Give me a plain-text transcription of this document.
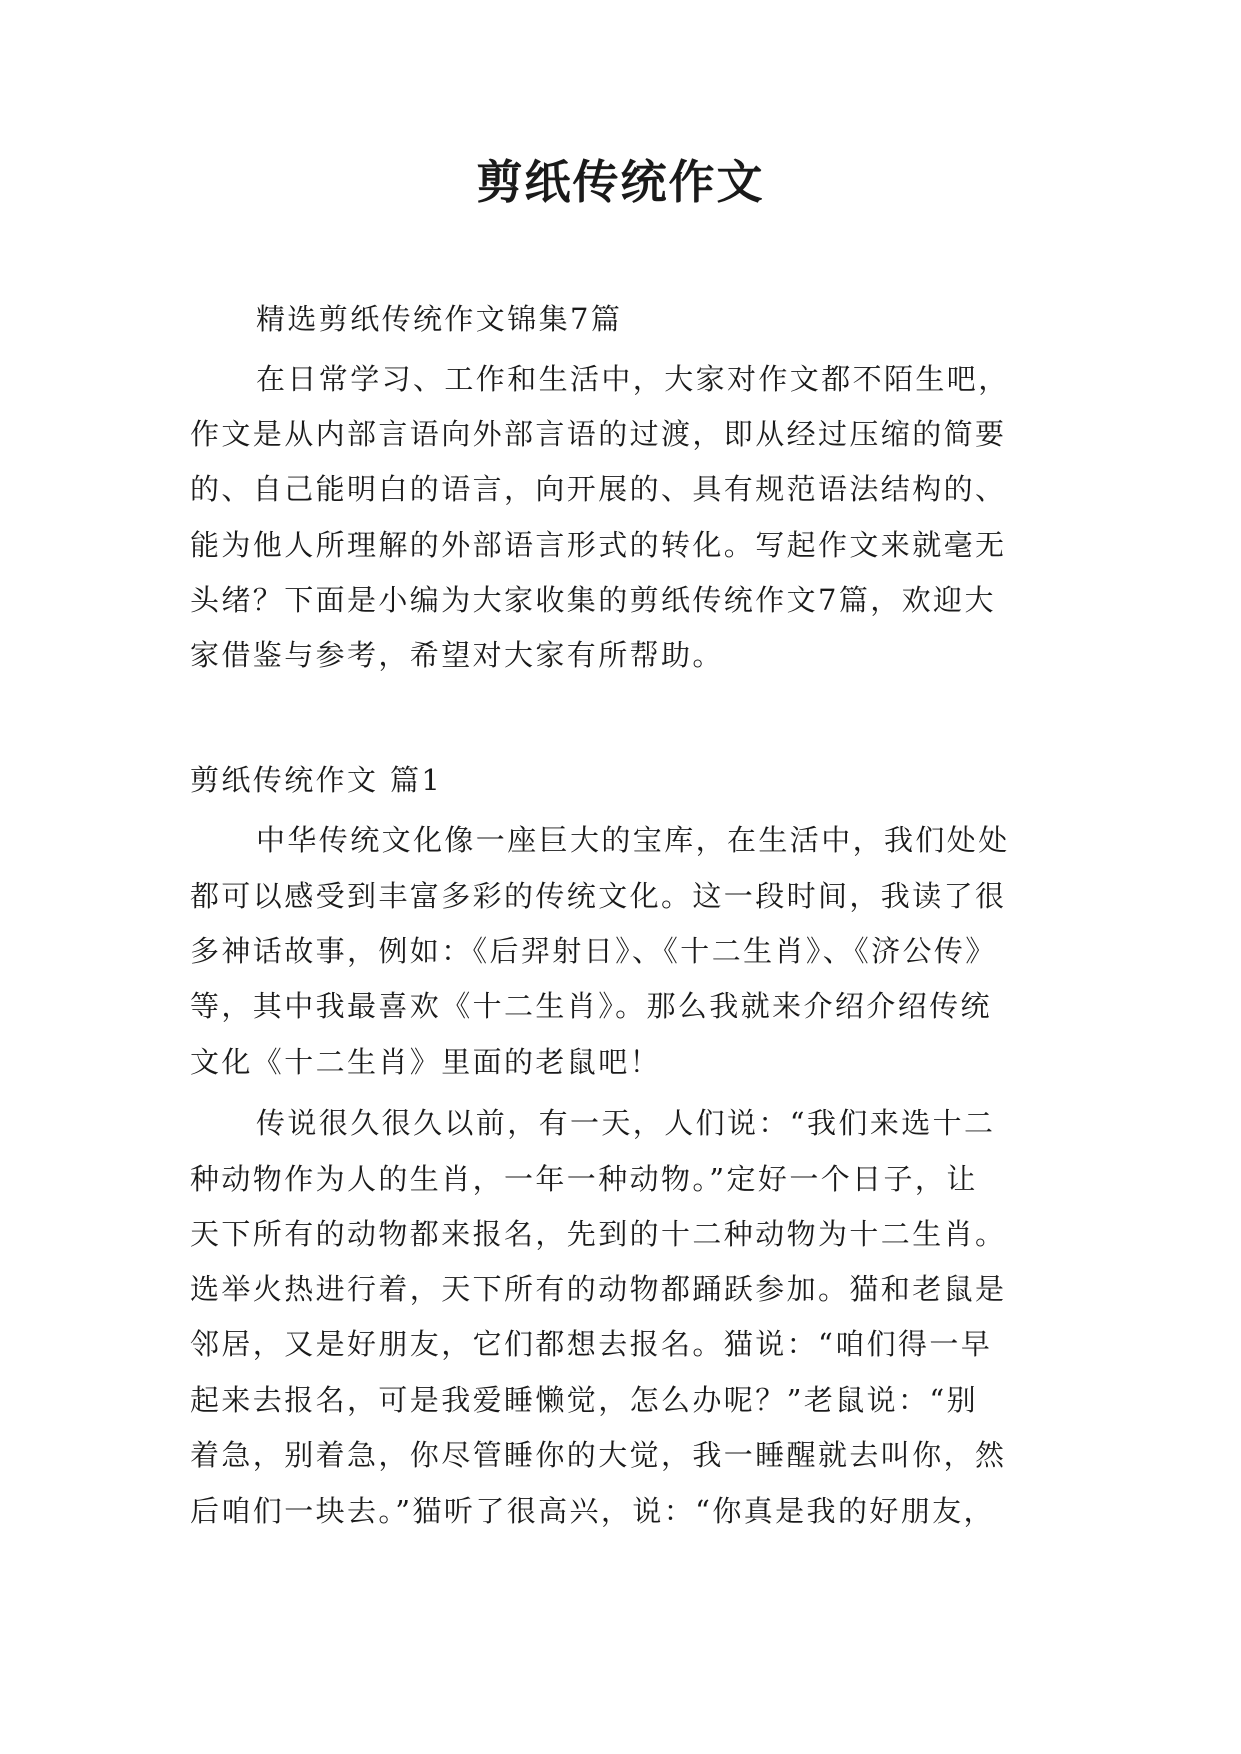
剪纸传统作文

精选剪纸传统作文锦集7篇

在日常学习、工作和生活中，大家对作文都不陌生吧，

作文是从内部言语向外部言语的过渡，即从经过压缩的简要

的、自己能明白的语言，向开展的、具有规范语法结构的、

能为他人所理解的外部语言形式的转化。写起作文来就毫无

头绪？下面是小编为大家收集的剪纸传统作文7篇，欢迎大

家借鉴与参考，希望对大家有所帮助。

剪纸传统作文 篇1

中华传统文化像一座巨大的宝库，在生活中，我们处处

都可以感受到丰富多彩的传统文化。这一段时间，我读了很

多神话故事，例如：《后羿射日》、《十二生肖》、《济公传》

等，其中我最喜欢《十二生肖》。那么我就来介绍介绍传统

文化《十二生肖》里面的老鼠吧！

传说很久很久以前，有一天，人们说：“我们来选十二

种动物作为人的生肖，一年一种动物。”定好一个日子，让

天下所有的动物都来报名，先到的十二种动物为十二生肖。

选举火热进行着，天下所有的动物都踊跃参加。猫和老鼠是

邻居，又是好朋友，它们都想去报名。猫说：“咱们得一早

起来去报名，可是我爱睡懒觉，怎么办呢？”老鼠说：“别

着急，别着急，你尽管睡你的大觉，我一睡醒就去叫你，然

后咱们一块去。”猫听了很高兴，说：“你真是我的好朋友，
